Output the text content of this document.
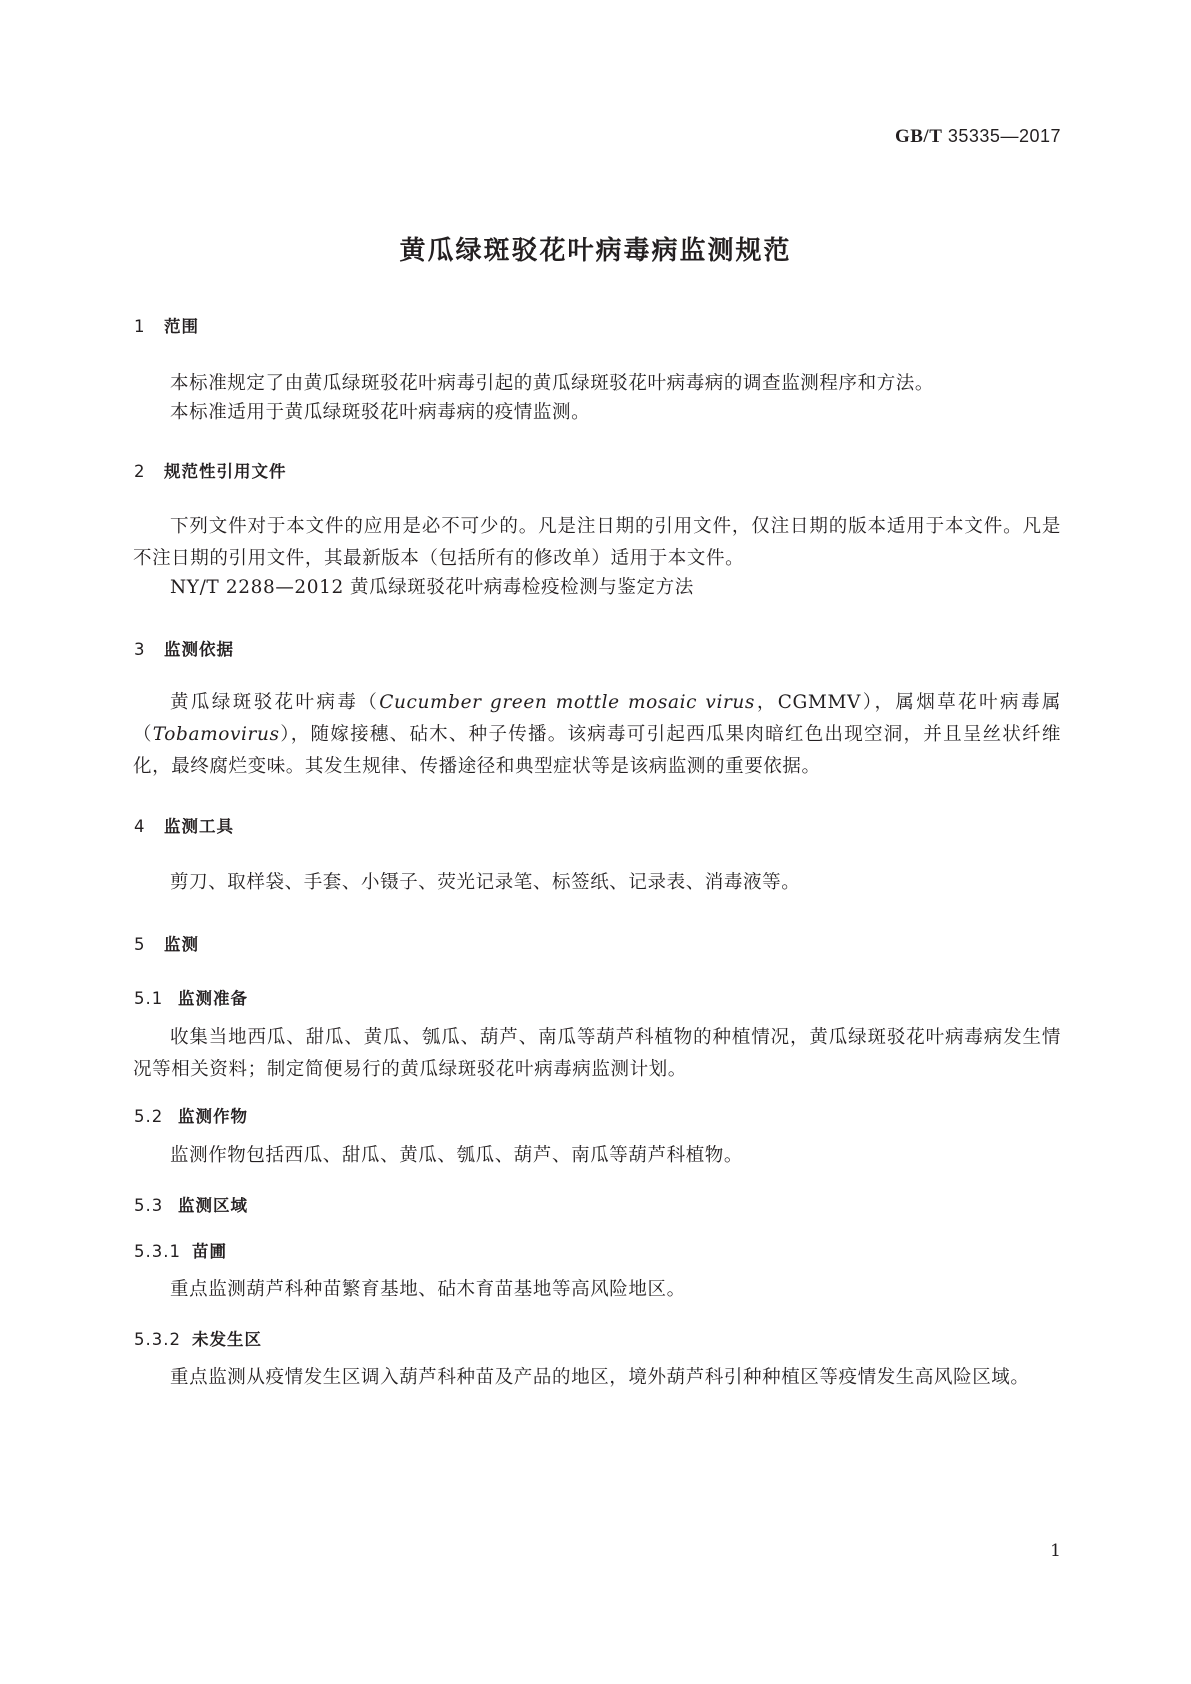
GB/T 35335—2017
黄瓜绿斑驳花叶病毒病监测规范
1 范围

本标准规定了由黄瓜绿斑驳花叶病毒引起的黄瓜绿斑驳花叶病毒病的调查监测程序和方法。

本标准适用于黄瓜绿斑驳花叶病毒病的疫情监测。

2 规范性引用文件

下列文件对于本文件的应用是必不可少的。凡是注日期的引用文件，仅注日期的版本适用于本文件。凡是不注日期的引用文件，其最新版本（包括所有的修改单）适用于本文件。

NY/T 2288—2012 黄瓜绿斑驳花叶病毒检疫检测与鉴定方法

3 监测依据

黄瓜绿斑驳花叶病毒（Cucumber green mottle mosaic virus，CGMMV），属烟草花叶病毒属（Tobamovirus），随嫁接穗、砧木、种子传播。该病毒可引起西瓜果肉暗红色出现空洞，并且呈丝状纤维化，最终腐烂变味。其发生规律、传播途径和典型症状等是该病监测的重要依据。

4 监测工具

剪刀、取样袋、手套、小镊子、荧光记录笔、标签纸、记录表、消毒液等。

5 监测
5.1 监测准备

收集当地西瓜、甜瓜、黄瓜、瓠瓜、葫芦、南瓜等葫芦科植物的种植情况，黄瓜绿斑驳花叶病毒病发生情况等相关资料；制定简便易行的黄瓜绿斑驳花叶病毒病监测计划。

5.2 监测作物

监测作物包括西瓜、甜瓜、黄瓜、瓠瓜、葫芦、南瓜等葫芦科植物。

5.3 监测区域
5.3.1 苗圃

重点监测葫芦科种苗繁育基地、砧木育苗基地等高风险地区。

5.3.2 未发生区

重点监测从疫情发生区调入葫芦科种苗及产品的地区，境外葫芦科引种种植区等疫情发生高风险区域。

1
